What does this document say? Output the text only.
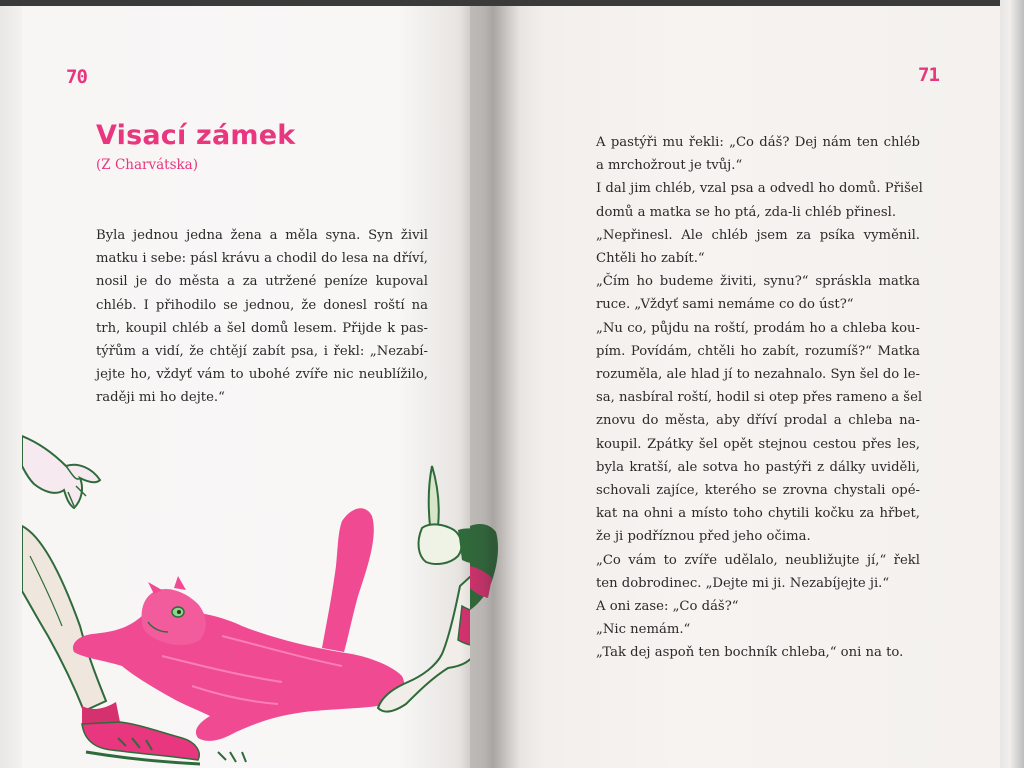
70
Visací zámek

(Z Charvátska)

Byla jednou jedna žena a měla syna. Syn živil
matku i sebe: pásl krávu a chodil do lesa na dříví,
nosil je do města a za utržené peníze kupoval
chléb. I přihodilo se jednou, že donesl roští na
trh, koupil chléb a šel domů lesem. Přijde k pas-
týřům a vidí, že chtějí zabít psa, i řekl: „Nezabí-
jejte ho, vždyť vám to ubohé zvíře nic neublížilo,
raději mi ho dejte.“
71
A pastýři mu řekli: „Co dáš? Dej nám ten chléb
a mrchožrout je tvůj.“
I dal jim chléb, vzal psa a odvedl ho domů. Přišel
domů a matka se ho ptá, zda-li chléb přinesl.
„Nepřinesl. Ale chléb jsem za psíka vyměnil.
Chtěli ho zabít.“
„Čím ho budeme živiti, synu?“ spráskla matka
ruce. „Vždyť sami nemáme co do úst?“
„Nu co, půjdu na roští, prodám ho a chleba kou-
pím. Povídám, chtěli ho zabít, rozumíš?“ Matka
rozuměla, ale hlad jí to nezahnalo. Syn šel do le-
sa, nasbíral roští, hodil si otep přes rameno a šel
znovu do města, aby dříví prodal a chleba na-
koupil. Zpátky šel opět stejnou cestou přes les,
byla kratší, ale sotva ho pastýři z dálky uviděli,
schovali zajíce, kterého se zrovna chystali opé-
kat na ohni a místo toho chytili kočku za hřbet,
že ji podříznou před jeho očima.
„Co vám to zvíře udělalo, neubližujte jí,“ řekl
ten dobrodinec. „Dejte mi ji. Nezabíjejte ji.“
A oni zase: „Co dáš?“
„Nic nemám.“
„Tak dej aspoň ten bochník chleba,“ oni na to.
